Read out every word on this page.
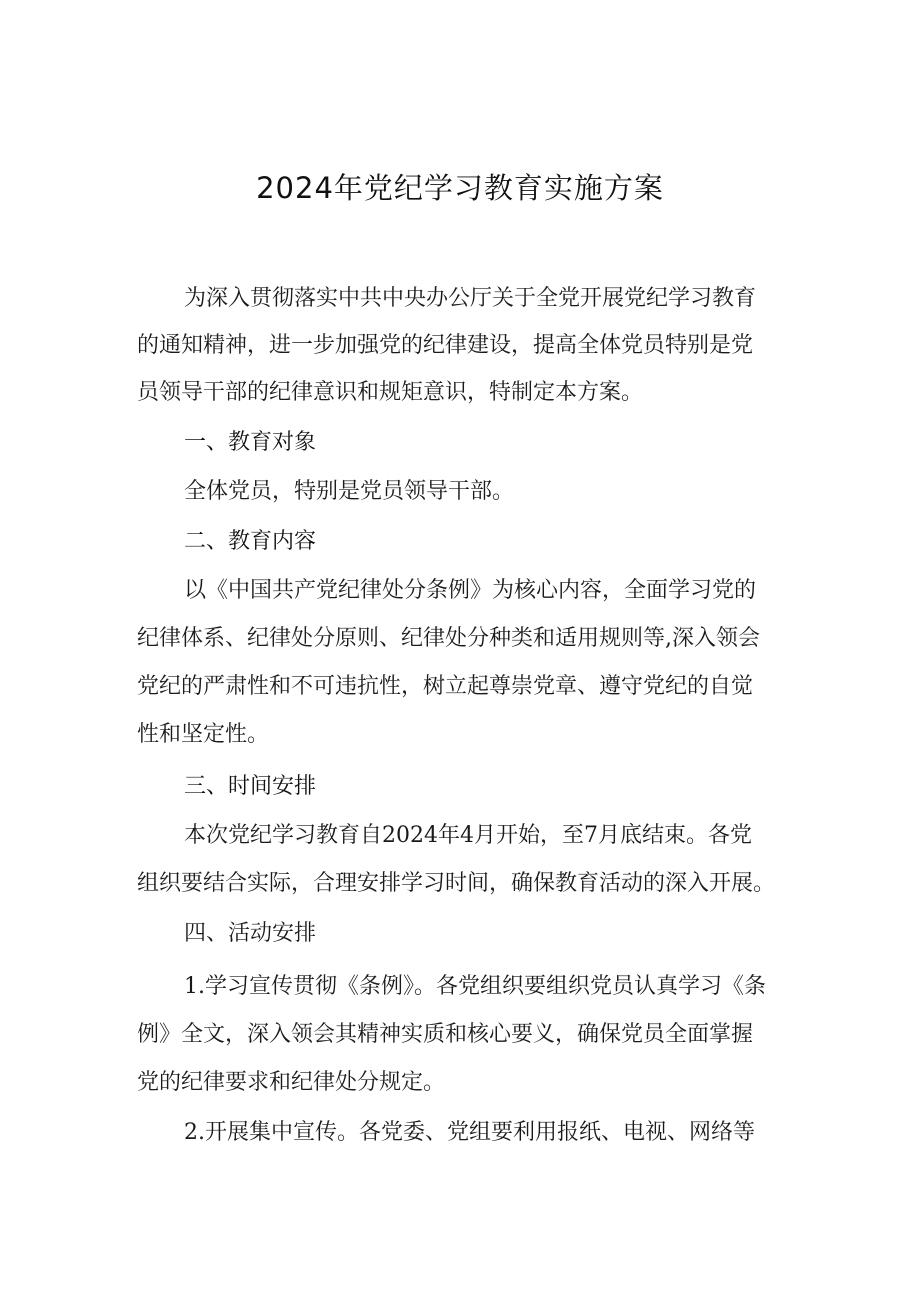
2024年党纪学习教育实施方案
为深入贯彻落实中共中央办公厅关于全党开展党纪学习教育
的通知精神，进一步加强党的纪律建设，提高全体党员特别是党
员领导干部的纪律意识和规矩意识，特制定本方案。
一、教育对象
全体党员，特别是党员领导干部。
二、教育内容
以《中国共产党纪律处分条例》为核心内容，全面学习党的
纪律体系、纪律处分原则、纪律处分种类和适用规则等,深入领会
党纪的严肃性和不可违抗性，树立起尊崇党章、遵守党纪的自觉
性和坚定性。
三、时间安排
本次党纪学习教育自2024年4月开始，至7月底结束。各党
组织要结合实际，合理安排学习时间，确保教育活动的深入开展。
四、活动安排
1.学习宣传贯彻《条例》。各党组织要组织党员认真学习《条
例》全文，深入领会其精神实质和核心要义，确保党员全面掌握
党的纪律要求和纪律处分规定。
2.开展集中宣传。各党委、党组要利用报纸、电视、网络等
